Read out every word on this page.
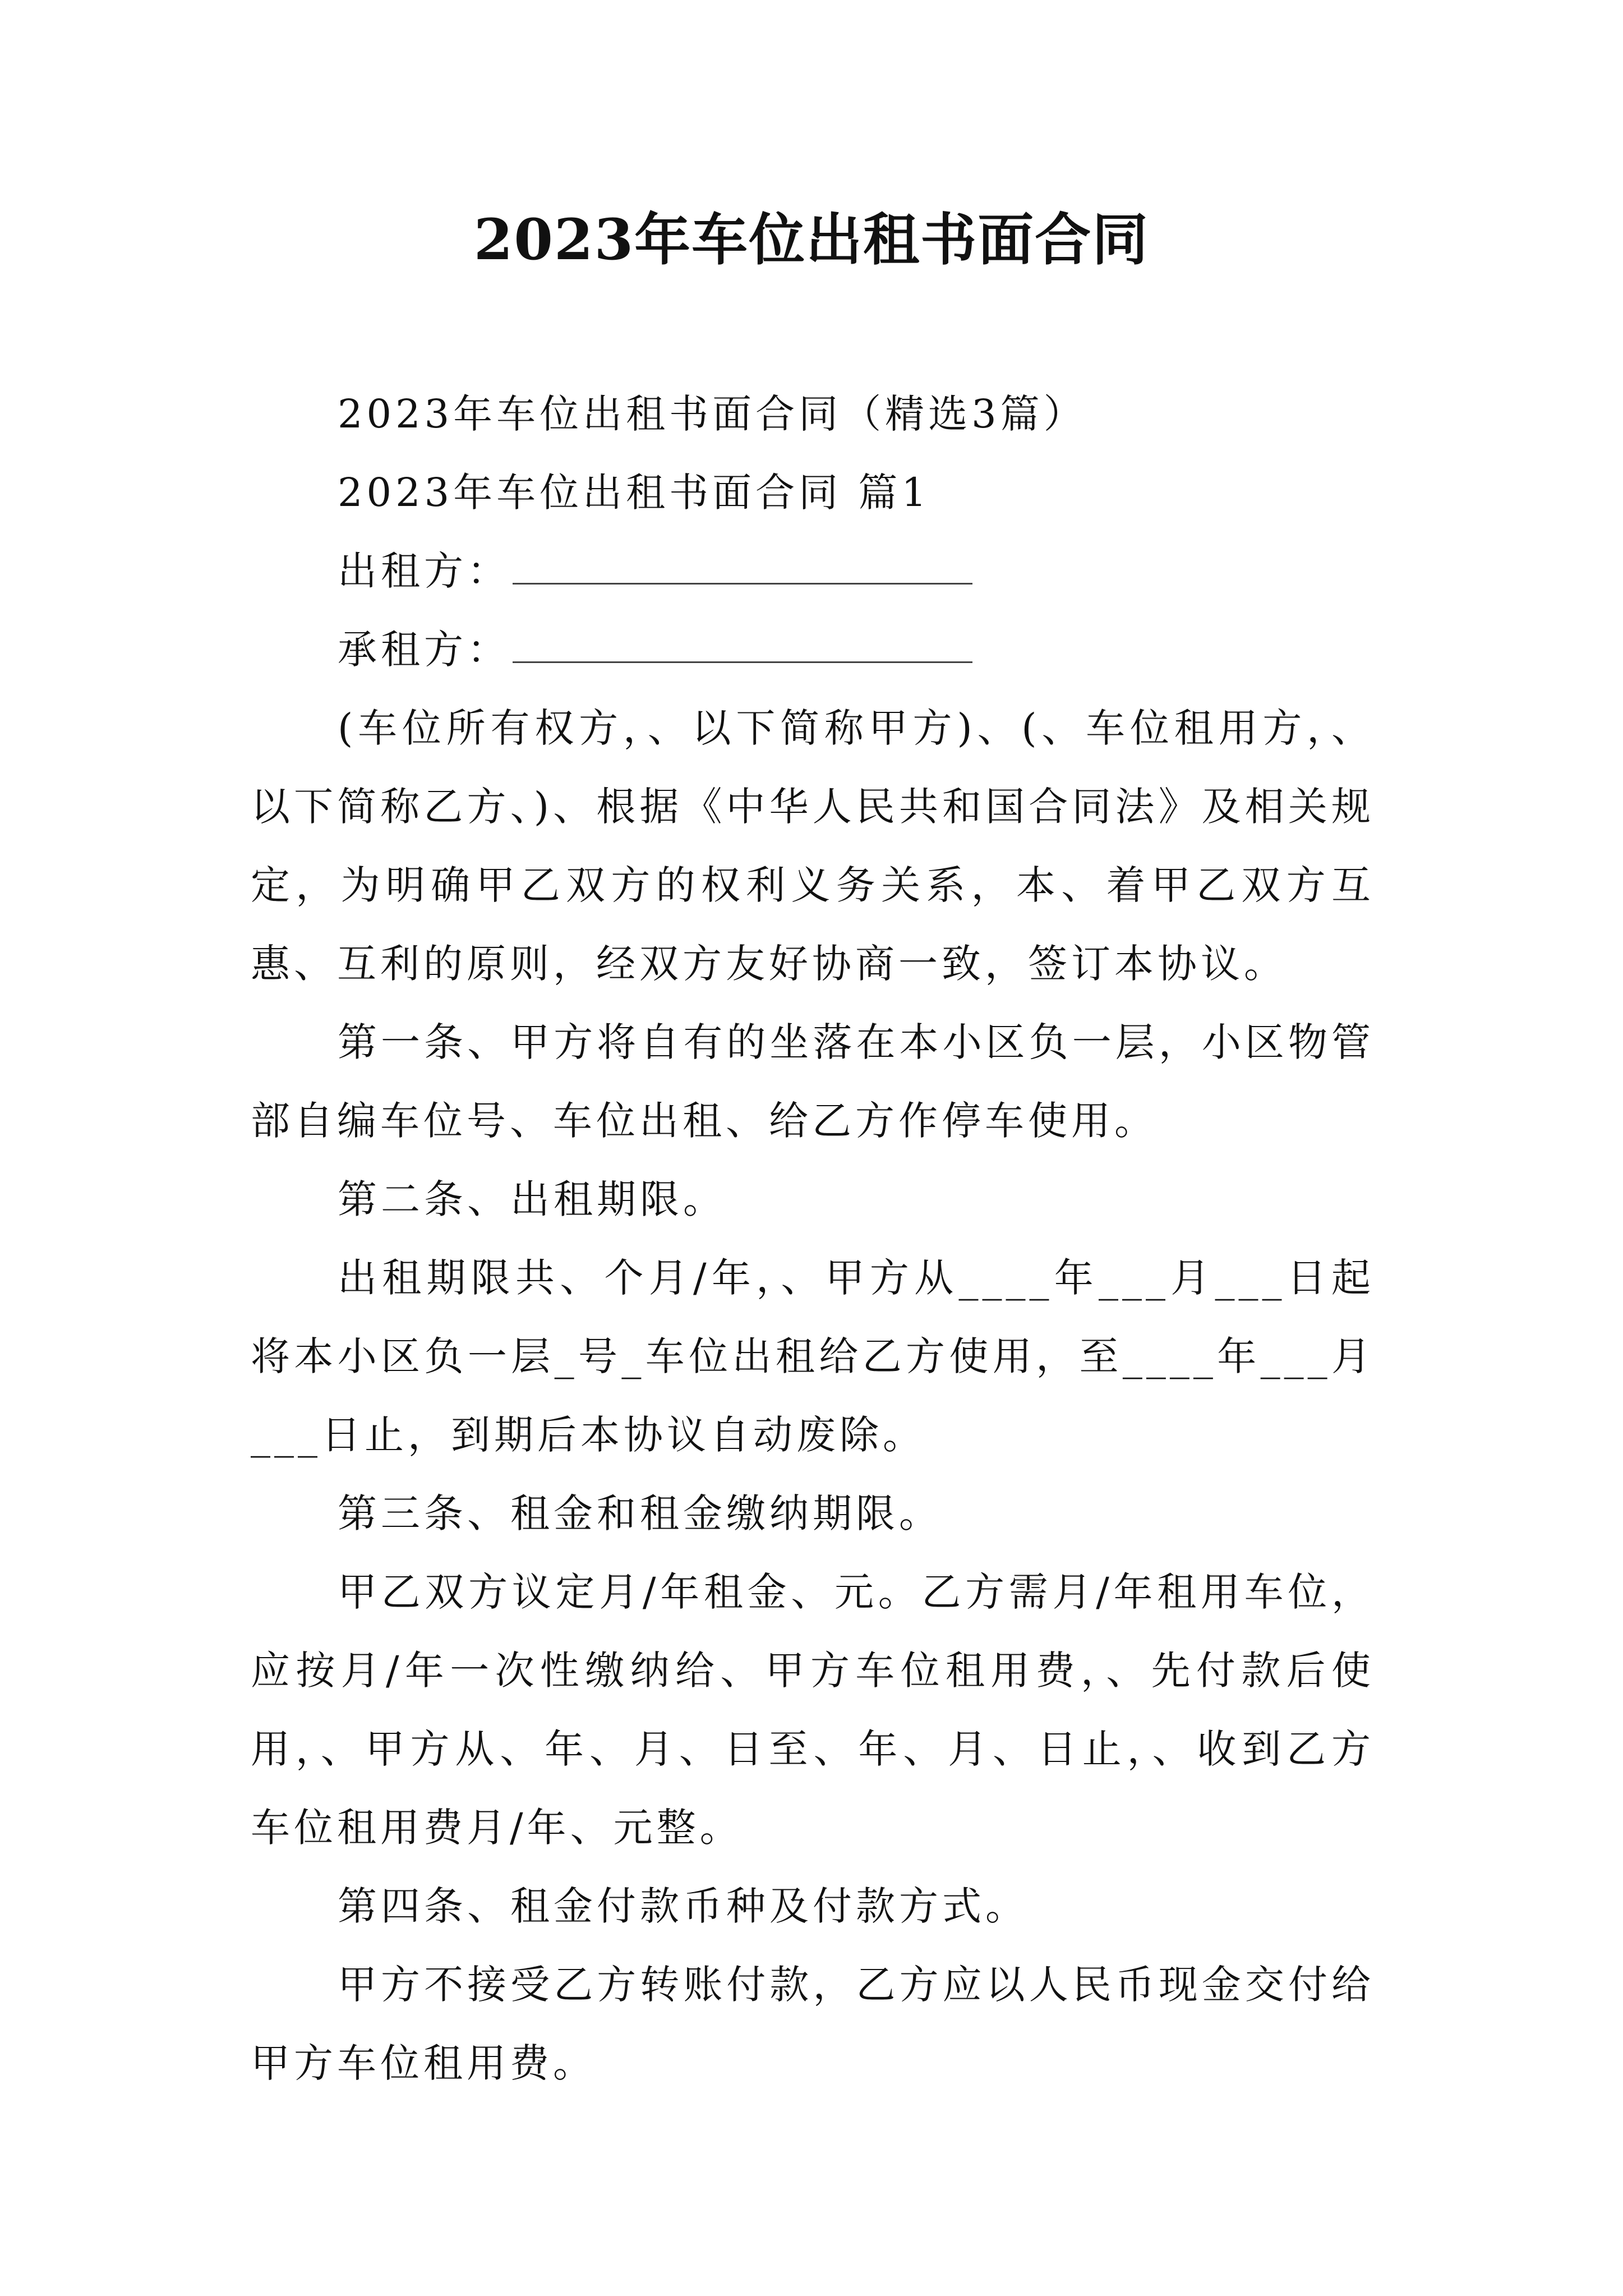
2023年车位出租书面合同

2023年车位出租书面合同（精选3篇）

2023年车位出租书面合同 篇1

出租方：

承租方：

(车位所有权方，、以下简称甲方)、(、车位租用方，、以下简称乙方、)、根据《中华人民共和国合同法》及相关规定，为明确甲乙双方的权利义务关系，本、着甲乙双方互惠、互利的原则，经双方友好协商一致，签订本协议。

第一条、甲方将自有的坐落在本小区负一层，小区物管部自编车位号、车位出租、给乙方作停车使用。

第二条、出租期限。

出租期限共、个月/年，、甲方从____年___月___日起将本小区负一层_号_车位出租给乙方使用，至____年___月___日止，到期后本协议自动废除。

第三条、租金和租金缴纳期限。

甲乙双方议定月/年租金、元。乙方需月/年租用车位，应按月/年一次性缴纳给、甲方车位租用费，、先付款后使用，、甲方从、年、月、日至、年、月、日止，、收到乙方车位租用费月/年、元整。

第四条、租金付款币种及付款方式。

甲方不接受乙方转账付款，乙方应以人民币现金交付给甲方车位租用费。
